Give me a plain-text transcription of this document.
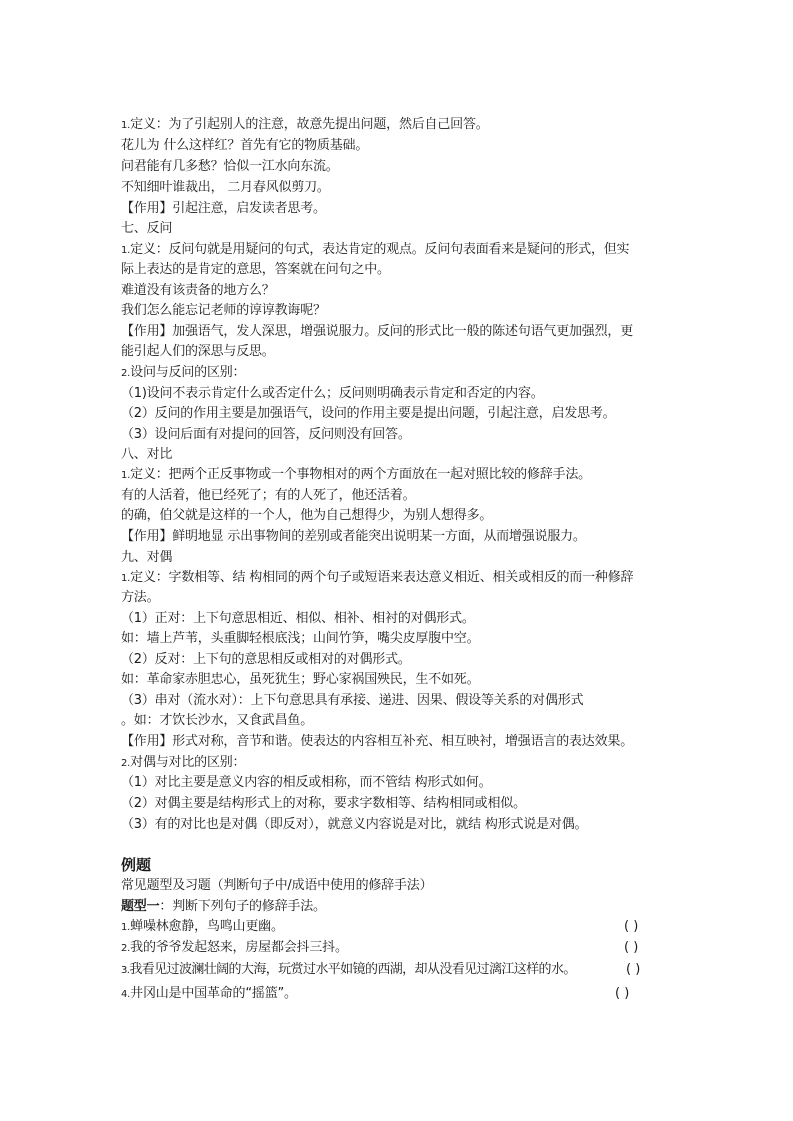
1.定义：为了引起别人的注意，故意先提出问题，然后自己回答。
花儿为 什么这样红？首先有它的物质基础。
问君能有几多愁？恰似一江水向东流。
不知细叶谁裁出， 二月春风似剪刀。
【作用】引起注意，启发读者思考。
七、反问
1.定义：反问句就是用疑问的句式，表达肯定的观点。反问句表面看来是疑问的形式，但实
际上表达的是肯定的意思，答案就在问句之中。
难道没有该责备的地方么？
我们怎么能忘记老师的谆谆教诲呢？
【作用】加强语气，发人深思，增强说服力。反问的形式比一般的陈述句语气更加强烈，更
能引起人们的深思与反思。
2.设问与反问的区别：
（1)设问不表示肯定什么或否定什么；反问则明确表示肯定和否定的内容。
（2）反问的作用主要是加强语气，设问的作用主要是提出问题，引起注意，启发思考。
（3）设问后面有对提问的回答，反问则没有回答。
八、对比
1.定义：把两个正反事物或一个事物相对的两个方面放在一起对照比较的修辞手法。
有的人活着，他已经死了；有的人死了，他还活着。
的确，伯父就是这样的一个人，他为自己想得少，为别人想得多。
【作用】鲜明地显 示出事物间的差别或者能突出说明某一方面，从而增强说服力。
九、对偶
1.定义：字数相等、结 构相同的两个句子或短语来表达意义相近、相关或相反的而一种修辞
方法。
（1）正对：上下句意思相近、相似、相补、相衬的对偶形式。
如：墙上芦苇，头重脚轻根底浅；山间竹笋，嘴尖皮厚腹中空。
（2）反对：上下句的意思相反或相对的对偶形式。
如：革命家赤胆忠心，虽死犹生；野心家祸国殃民，生不如死。
（3）串对（流水对）：上下句意思具有承接、递进、因果、假设等关系的对偶形式
。如：才饮长沙水，又食武昌鱼。
【作用】形式对称，音节和谐。使表达的内容相互补充、相互映衬，增强语言的表达效果。
2.对偶与对比的区别：
（1）对比主要是意义内容的相反或相称，而不管结 构形式如何。
（2）对偶主要是结构形式上的对称，要求字数相等、结构相同或相似。
（3）有的对比也是对偶（即反对），就意义内容说是对比，就结 构形式说是对偶。
例题
常见题型及习题（判断句子中/成语中使用的修辞手法）
题型一：判断下列句子的修辞手法。
1.蝉噪林愈静，鸟鸣山更幽。	( )
2.我的爷爷发起怒来，房屋都会抖三抖。	( )
3.我看见过波澜壮阔的大海，玩赏过水平如镜的西湖，却从没看见过漓江这样的水。	( )
4.井冈山是中国革命的“摇篮”。	( )
